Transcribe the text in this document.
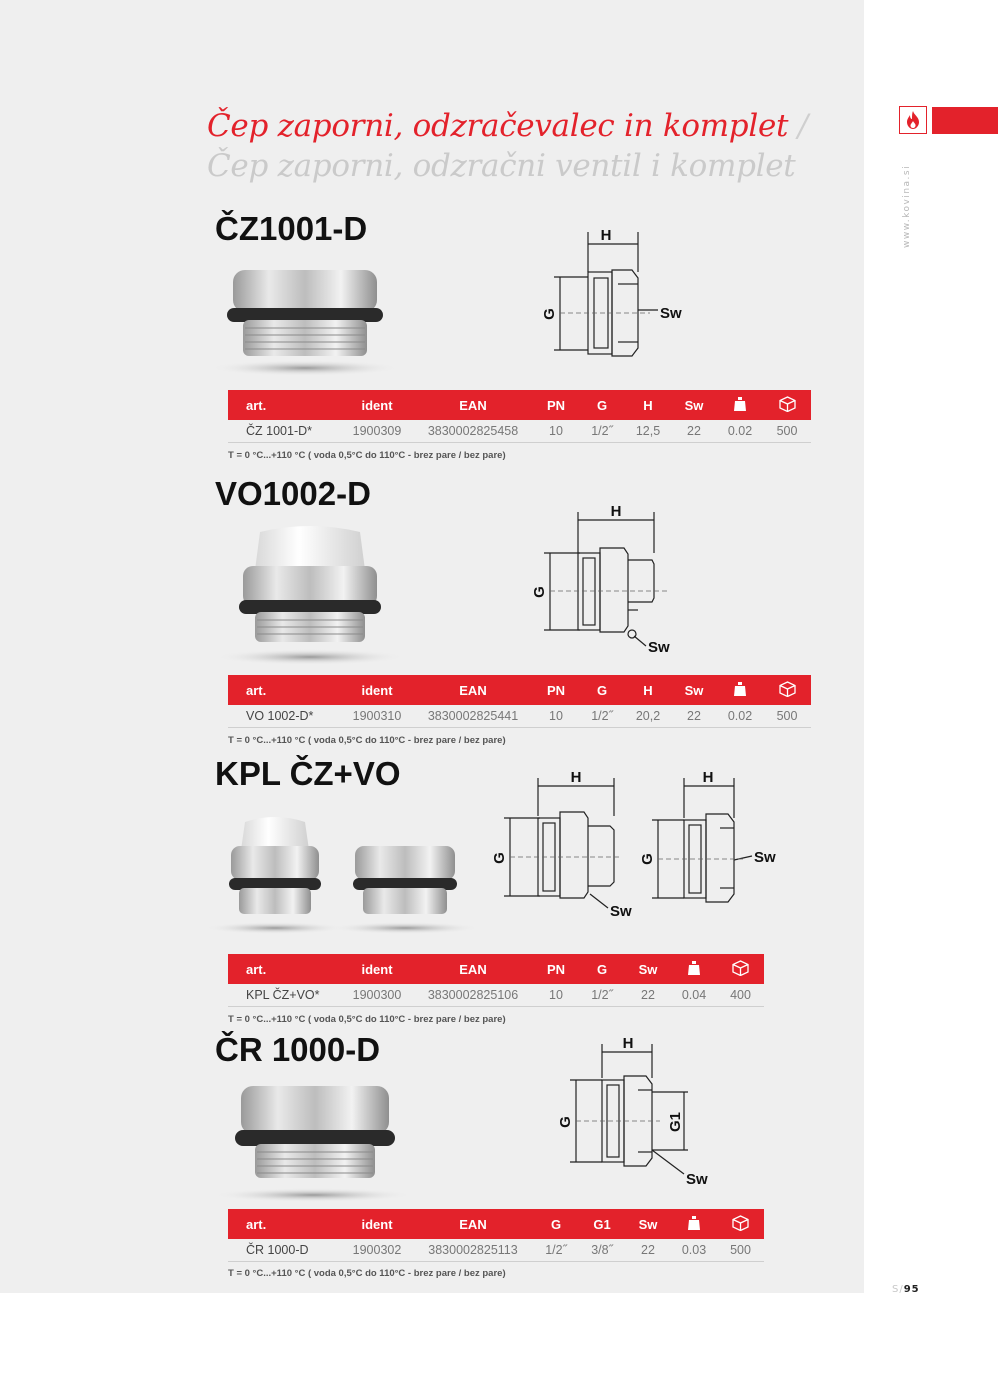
Čep zaporni, odzračevalec in komplet /
Čep zaporni, odzračni ventil i komplet	www.kovina.si
ČZ1001-D	H
G	Sw
art.	ident	EAN	PN	G	H	Sw
ČZ 1001-D*	1900309	3830002825458	10	1/2˝	12,5	22	0.02	500
T = 0 °C...+110 °C ( voda 0,5°C do 110°C - brez pare / bez pare)
VO1002-D	H
G
Sw
art.	ident	EAN	PN	G	H	Sw
VO 1002-D*	1900310	3830002825441	10	1/2˝	20,2	22	0.02	500
T = 0 °C...+110 °C ( voda 0,5°C do 110°C - brez pare / bez pare)
KPL ČZ+VO	H
G
Sw
H
G	Sw
art.	ident	EAN	PN	G	Sw
KPL ČZ+VO*	1900300	3830002825106	10	1/2˝	22	0.04	400
T = 0 °C...+110 °C ( voda 0,5°C do 110°C - brez pare / bez pare)
ČR 1000-D	H
G	G1
Sw
art.	ident	EAN	G	G1	Sw
ČR 1000-D	1900302	3830002825113	1/2˝	3/8˝	22	0.03	500
T = 0 °C...+110 °C ( voda 0,5°C do 110°C - brez pare / bez pare)
S/95
